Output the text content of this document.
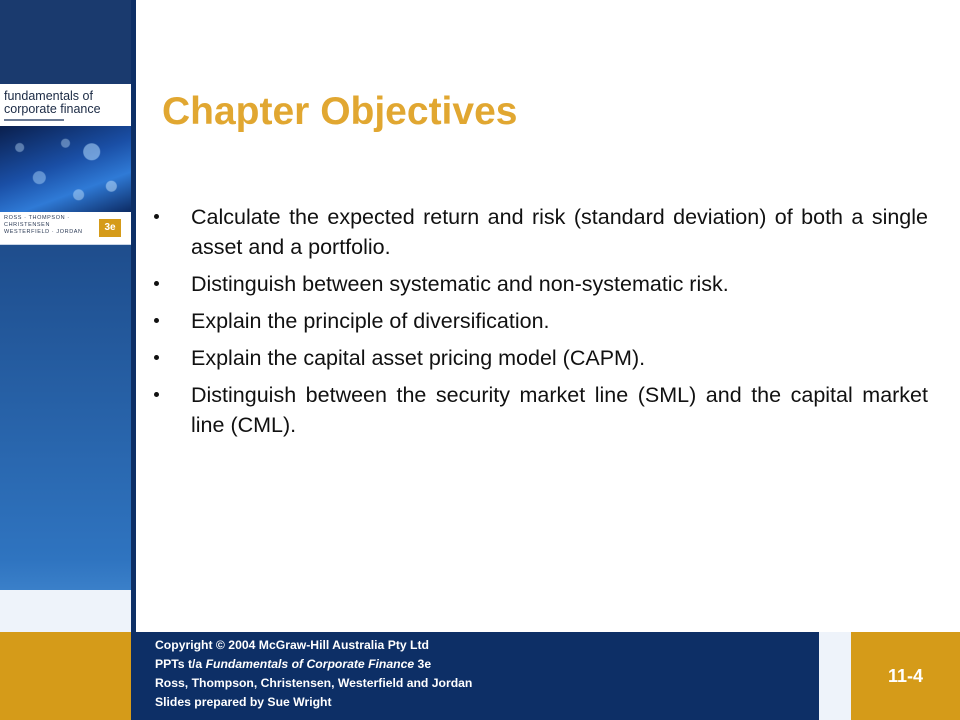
fundamentals of
corporate finance
ROSS · THOMPSON · CHRISTENSEN
WESTERFIELD · JORDAN	3e
Chapter Objectives
Calculate the expected return and risk (standard deviation) of both a single asset and a portfolio.
Distinguish between systematic and non-systematic risk.
Explain the principle of diversification.
Explain the capital asset pricing model (CAPM).
Distinguish between the security market line (SML) and the capital market line (CML).
Copyright © 2004 McGraw-Hill Australia Pty Ltd
PPTs t/a Fundamentals of Corporate Finance 3e
Ross, Thompson, Christensen, Westerfield and Jordan
Slides prepared by Sue Wright
11-4
